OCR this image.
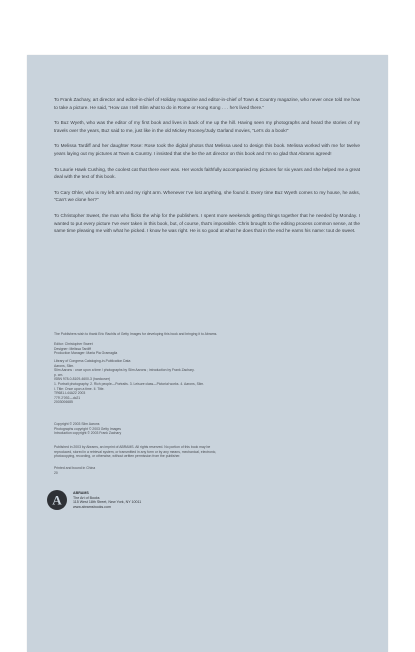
To Frank Zachary, art director and editor-in-chief of Holiday magazine and editor-in-chief of Town & Country magazine, who never once told me how to take a picture. He said, “How can I tell Slim what to do in Rome or Hong Kong . . . he’s lived there.”

To Buz Wyeth, who was the editor of my first book and lives in back of me up the hill. Having seen my photographs and heard the stories of my travels over the years, Buz said to me, just like in the old Mickey Rooney/Judy Garland movies, “Let’s do a book!”

To Melissa Tardiff and her daughter Rose: Rose took the digital photos that Melissa used to design this book. Melissa worked with me for twelve years laying out my pictures at Town & Country. I insisted that she be the art director on this book and I’m so glad that Abrams agreed!

To Laurie Hawk Cushing, the coolest cat that there ever was. Her words faithfully accompanied my pictures for six years and she helped me a great deal with the text of this book.

To Cary Ohler, who is my left arm and my right arm. Whenever I’ve lost anything, she found it. Every time Buz Wyeth comes to my house, he asks, “Can’t we clone her?”

To Christopher Sweet, the man who flicks the whip for the publishers. I spent more weekends getting things together that he needed by Monday. I wanted to put every picture I’ve ever taken in this book, but, of course, that’s impossible. Chris brought to the editing process common sense, at the same time pleasing me with what he picked. I know he was right. He is so good at what he does that in the end he earns his name: tout de sweet.

The Publishers wish to thank Eric Rachlis of Getty Images for developing this book and bringing it to Abrams.
Editor: Christopher Sweet
Designer: Melissa Tardiff
Production Manager: Maria Pia Gramaglia
Library of Congress Cataloging-in-Publication Data
Aarons, Slim.
Slim Aarons : once upon a time / photographs by Slim Aarons ; introduction by Frank Zachary.
p. cm.
ISBN 978-0-8109-4600-3 (hardcover)
1. Portrait photography. 2. Rich people—Portraits. 3. Leisure class—Pictorial works. 4. Aarons, Slim.
I. Title: Once upon a time. II. Title.
TR681.L44A22 2003
779'.2'092—dc21
2003006685
Copyright © 2003 Slim Aarons
Photographs copyright © 2003 Getty Images
Introduction copyright © 2003 Frank Zachary
Published in 2003 by Abrams, an imprint of ABRAMS. All rights reserved. No portion of this book may be
reproduced, stored in a retrieval system, or transmitted in any form or by any means, mechanical, electronic,
photocopying, recording, or otherwise, without written permission from the publisher.
Printed and bound in China
20
A	ABRAMS
The Art of Books
115 West 18th Street, New York, NY 10011
www.abramsbooks.com
